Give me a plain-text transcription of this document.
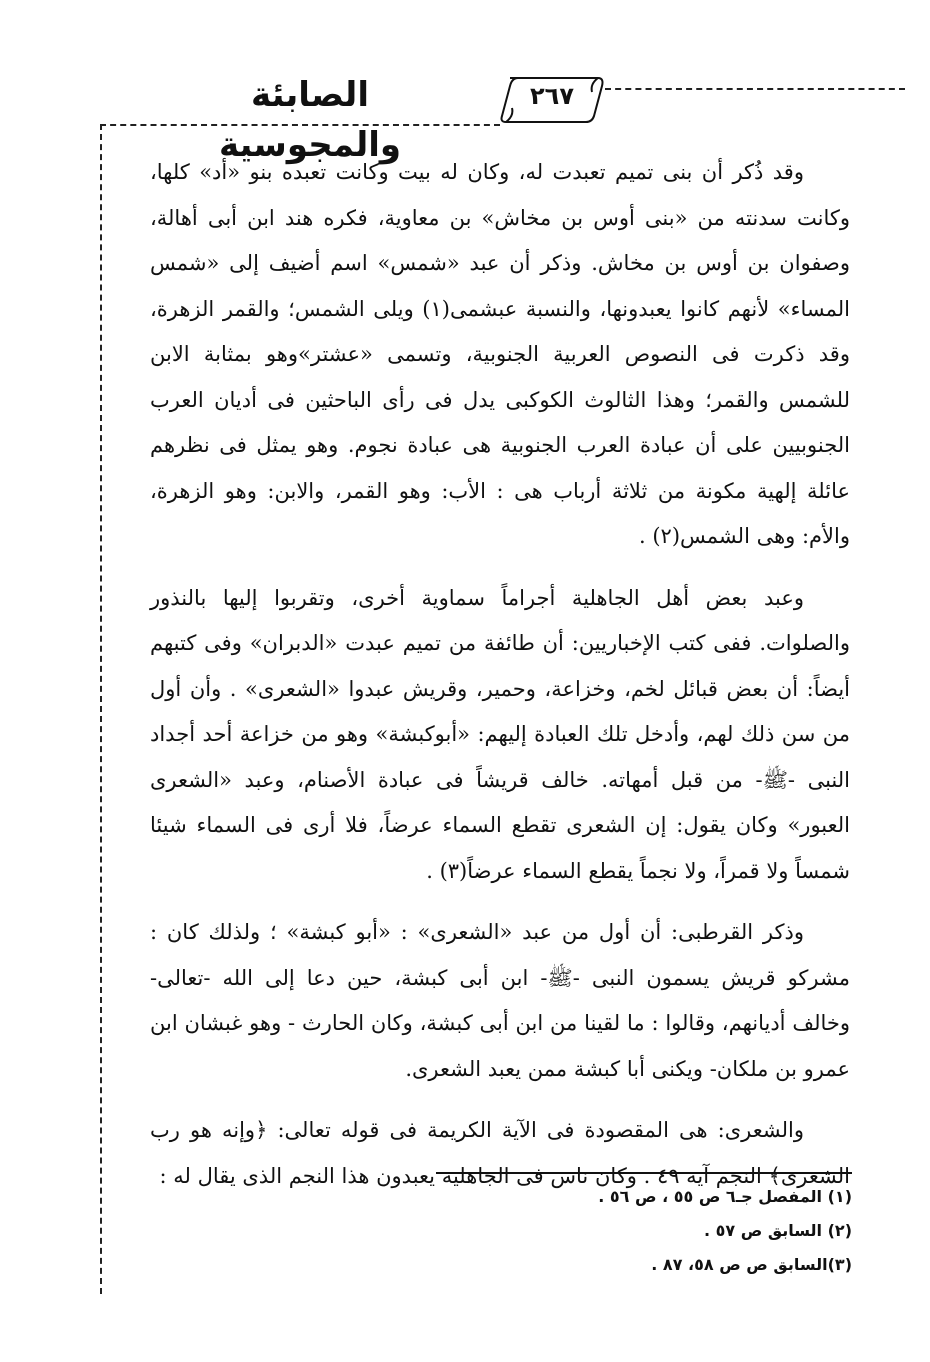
الصابئة والمجوسية
٢٦٧

وقد ذُكر أن بنى تميم تعبدت له، وكان له بيت وكانت تعبده بنو «أد» كلها، وكانت سدنته من «بنى أوس بن مخاش» بن معاوية، فكره هند ابن أبى أهالة، وصفوان بن أوس بن مخاش. وذكر أن عبد «شمس» اسم أضيف إلى «شمس المساء» لأنهم كانوا يعبدونها، والنسبة عبشمى(١) ويلى الشمس؛ والقمر الزهرة، وقد ذكرت فى النصوص العربية الجنوبية، وتسمى «عشتر»وهو بمثابة الابن للشمس والقمر؛ وهذا الثالوث الكوكبى يدل فى رأى الباحثين فى أديان العرب الجنوبيين على أن عبادة العرب الجنوبية هى عبادة نجوم. وهو يمثل فى نظرهم عائلة إلهية مكونة من ثلاثة أرباب هى : الأب: وهو القمر، والابن: وهو الزهرة، والأم: وهى الشمس(٢) .

وعبد بعض أهل الجاهلية أجراماً سماوية أخرى، وتقربوا إليها بالنذور والصلوات. ففى كتب الإخباريين: أن طائفة من تميم عبدت «الدبران» وفى كتبهم أيضاً: أن بعض قبائل لخم، وخزاعة، وحمير، وقريش عبدوا «الشعرى» . وأن أول من سن ذلك لهم، وأدخل تلك العبادة إليهم: «أبوكبشة» وهو من خزاعة أحد أجداد النبى -ﷺ- من قبل أمهاته. خالف قريشاً فى عبادة الأصنام، وعبد «الشعرى العبور» وكان يقول: إن الشعرى تقطع السماء عرضاً، فلا أرى فى السماء شيئا شمساً ولا قمراً، ولا نجماً يقطع السماء عرضاً(٣) .

وذكر القرطبى: أن أول من عبد «الشعرى» : «أبو كبشة» ؛ ولذلك كان : مشركو قريش يسمون النبى -ﷺ- ابن أبى كبشة، حين دعا إلى الله -تعالى- وخالف أديانهم، وقالوا : ما لقينا من ابن أبى كبشة، وكان الحارث - وهو غبشان ابن عمرو بن ملكان- ويكنى أبا كبشة ممن يعبد الشعرى.

والشعرى: هى المقصودة فى الآية الكريمة فى قوله تعالى: ﴿وإنه هو رب الشعرى﴾ النجم آية ٤٩ . وكان ناس فى الجاهلية يعبدون هذا النجم الذى يقال له :

(١) المفصل جـ٦ ص ٥٥ ، ص ٥٦ .
(٢) السابق ص ٥٧ .
(٣)السابق ص ص ٥٨، ٨٧ .
